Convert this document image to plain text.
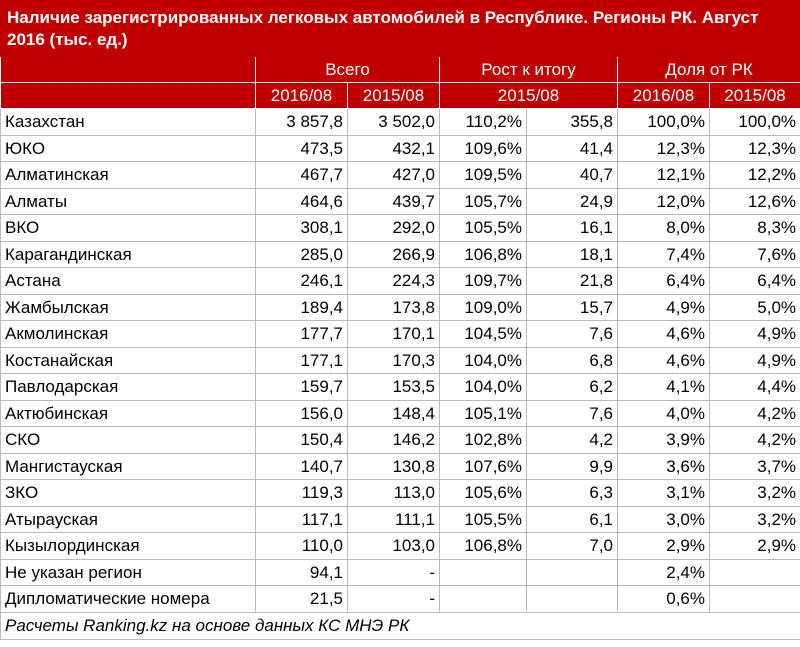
Наличие зарегистрированных легковых автомобилей в Республике. Регионы РК. Август 2016 (тыс. ед.)						
	Всего		Рост к итогу		Доля от РК	
	2016/08	2015/08	2015/08		2016/08	2015/08
Казахстан	3 857,8	3 502,0	110,2%	355,8	100,0%	100,0%
ЮКО	473,5	432,1	109,6%	41,4	12,3%	12,3%
Алматинская	467,7	427,0	109,5%	40,7	12,1%	12,2%
Алматы	464,6	439,7	105,7%	24,9	12,0%	12,6%
ВКО	308,1	292,0	105,5%	16,1	8,0%	8,3%
Карагандинская	285,0	266,9	106,8%	18,1	7,4%	7,6%
Астана	246,1	224,3	109,7%	21,8	6,4%	6,4%
Жамбылская	189,4	173,8	109,0%	15,7	4,9%	5,0%
Акмолинская	177,7	170,1	104,5%	7,6	4,6%	4,9%
Костанайская	177,1	170,3	104,0%	6,8	4,6%	4,9%
Павлодарская	159,7	153,5	104,0%	6,2	4,1%	4,4%
Актюбинская	156,0	148,4	105,1%	7,6	4,0%	4,2%
СКО	150,4	146,2	102,8%	4,2	3,9%	4,2%
Мангистауская	140,7	130,8	107,6%	9,9	3,6%	3,7%
ЗКО	119,3	113,0	105,6%	6,3	3,1%	3,2%
Атырауская	117,1	111,1	105,5%	6,1	3,0%	3,2%
Кызылординская	110,0	103,0	106,8%	7,0	2,9%	2,9%
Не указан регион	94,1	-			2,4%	
Дипломатические номера	21,5	-			0,6%	
Расчеты Ranking.kz на основе данных КС МНЭ РК						
